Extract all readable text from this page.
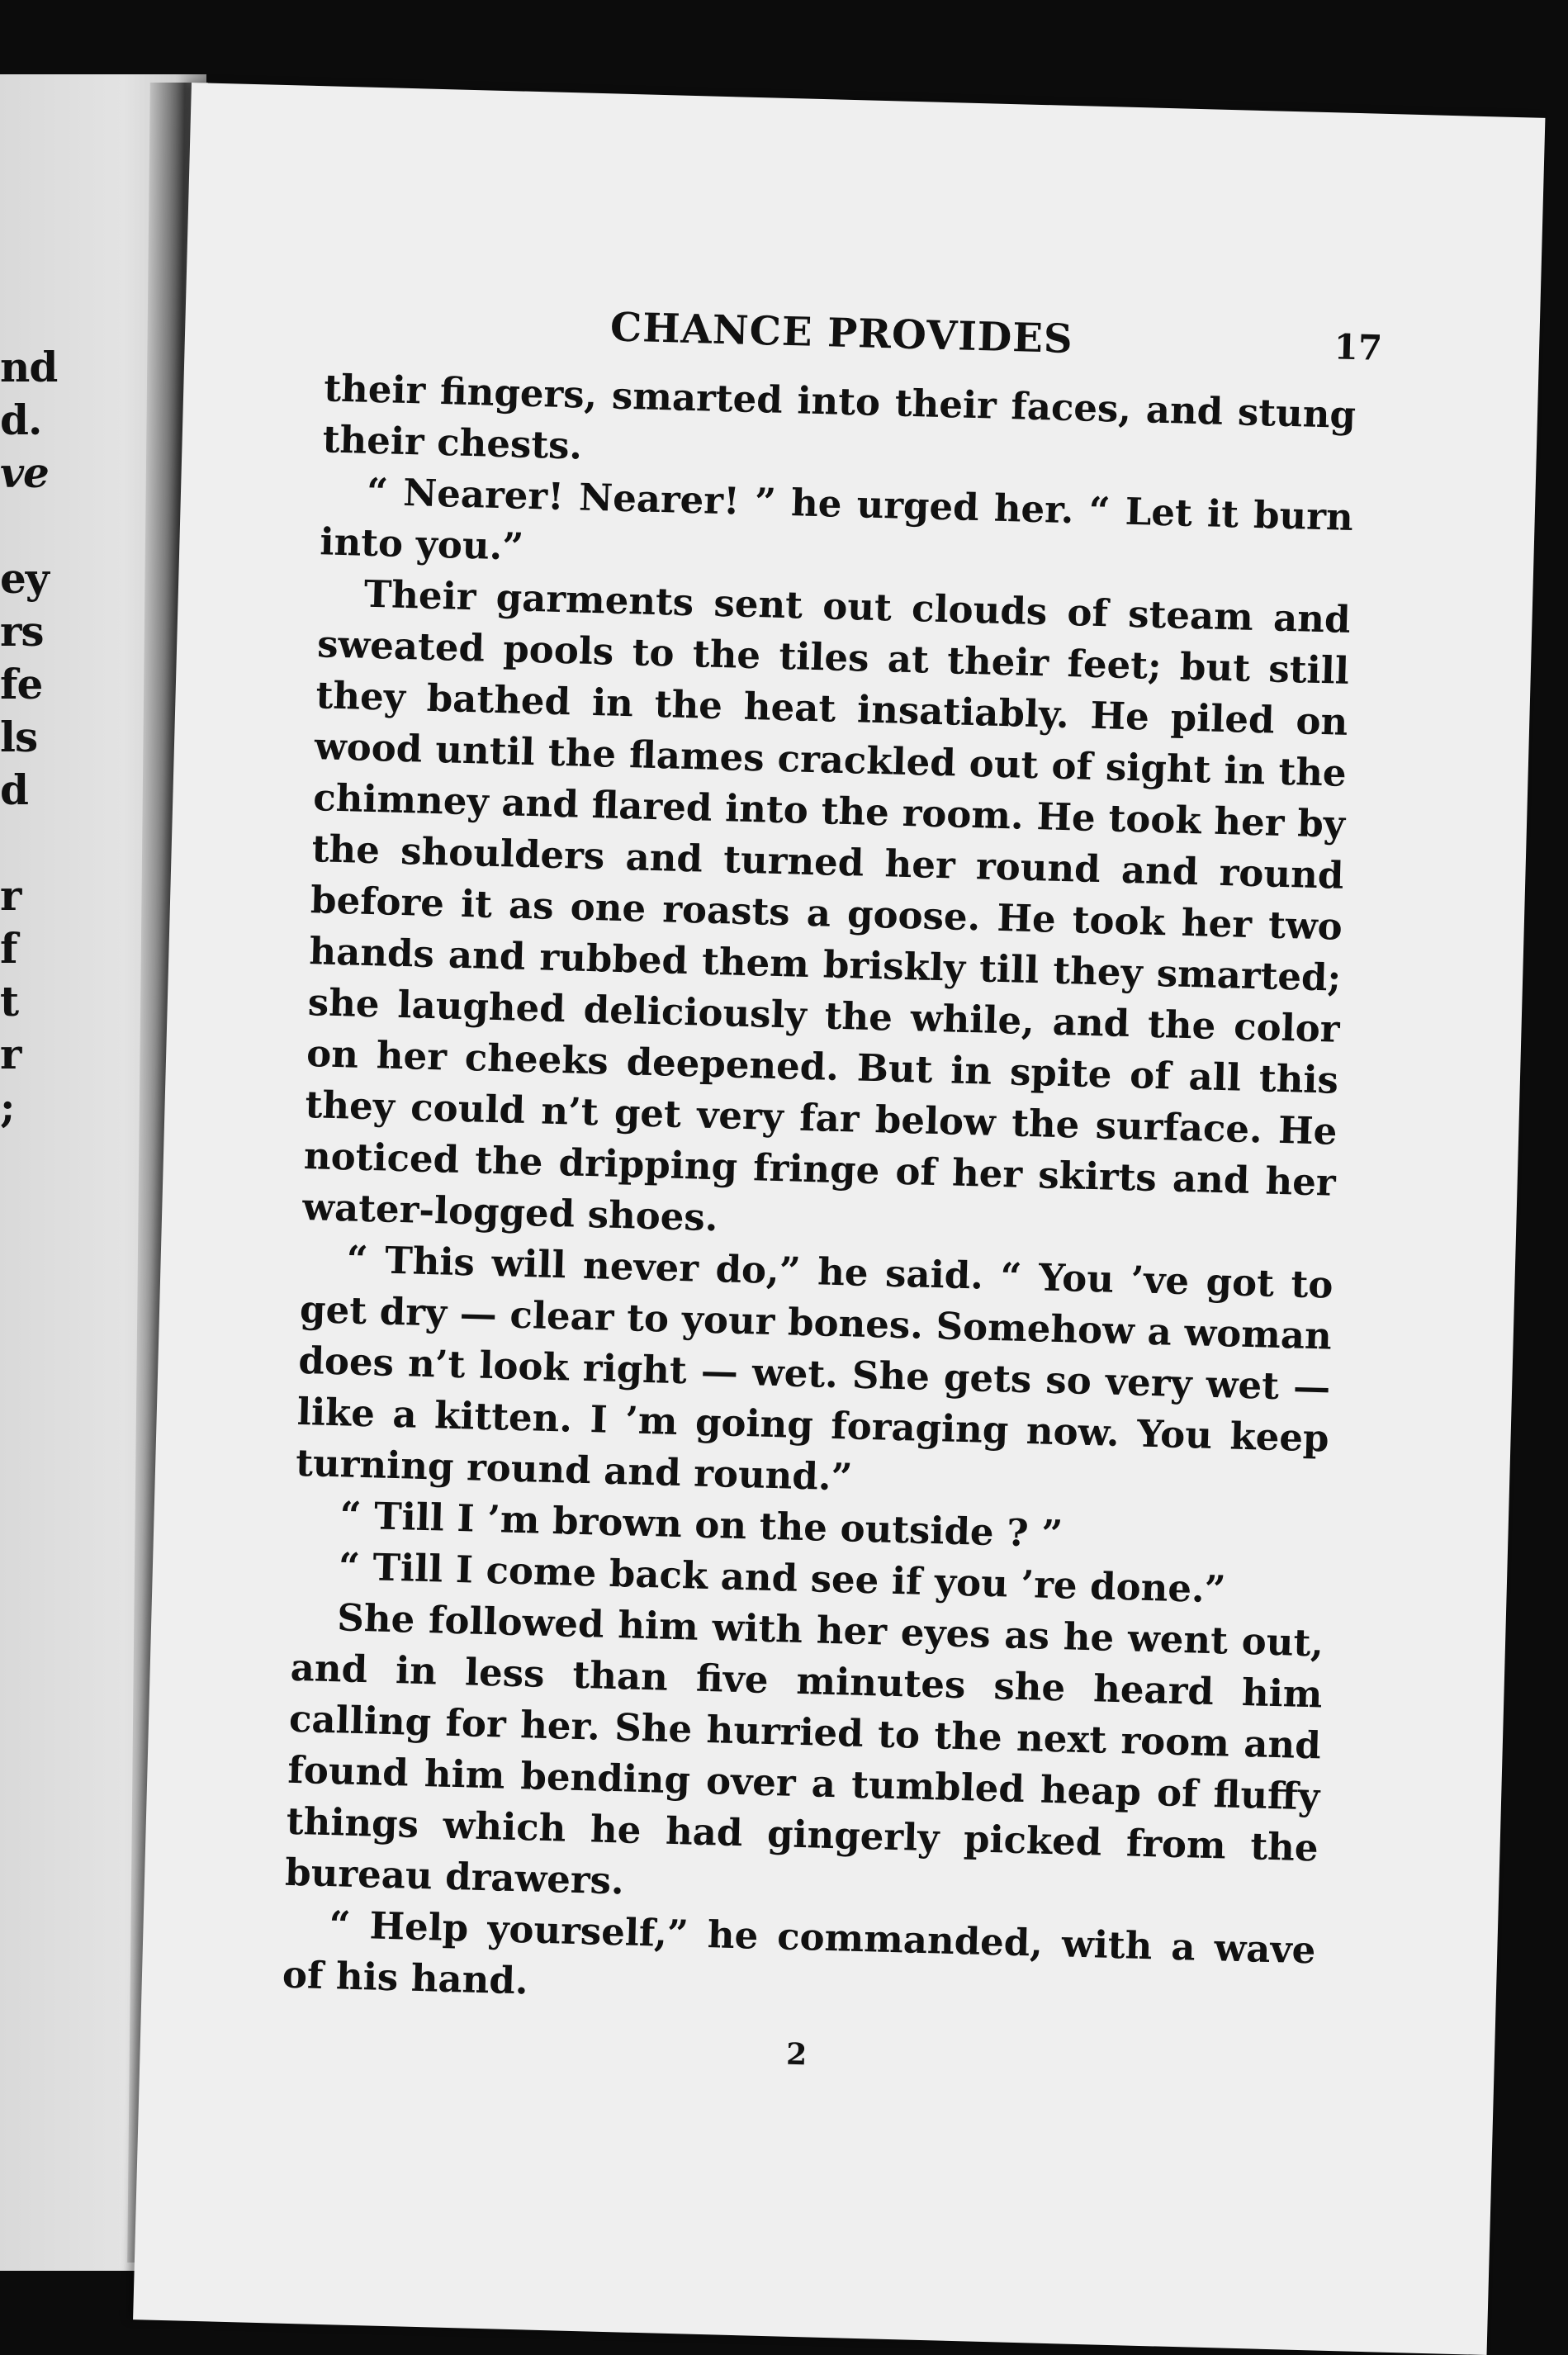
nd
d.
ve
ey
rs
fe
ls
d
r
f
t
r
;
CHANCE PROVIDES	17

their fingers, smarted into their faces, and stung their chests.

“ Nearer! Nearer! ” he urged her. “ Let it burn into you.”

Their garments sent out clouds of steam and sweated pools to the tiles at their feet; but still they bathed in the heat insatiably. He piled on wood until the flames crackled out of sight in the chimney and flared into the room. He took her by the shoulders and turned her round and round before it as one roasts a goose. He took her two hands and rubbed them briskly till they smarted; she laughed deliciously the while, and the color on her cheeks deepened. But in spite of all this they could n’t get very far below the surface. He noticed the dripping fringe of her skirts and her water-logged shoes.

“ This will never do,” he said. “ You ’ve got to get dry — clear to your bones. Somehow a woman does n’t look right — wet. She gets so very wet — like a kitten. I ’m going foraging now. You keep turning round and round.”

“ Till I ’m brown on the outside ? ”

“ Till I come back and see if you ’re done.”

She followed him with her eyes as he went out, and in less than five minutes she heard him calling for her. She hurried to the next room and found him bending over a tumbled heap of fluffy things which he had gingerly picked from the bureau drawers.

“ Help yourself,” he commanded, with a wave of his hand.

2
